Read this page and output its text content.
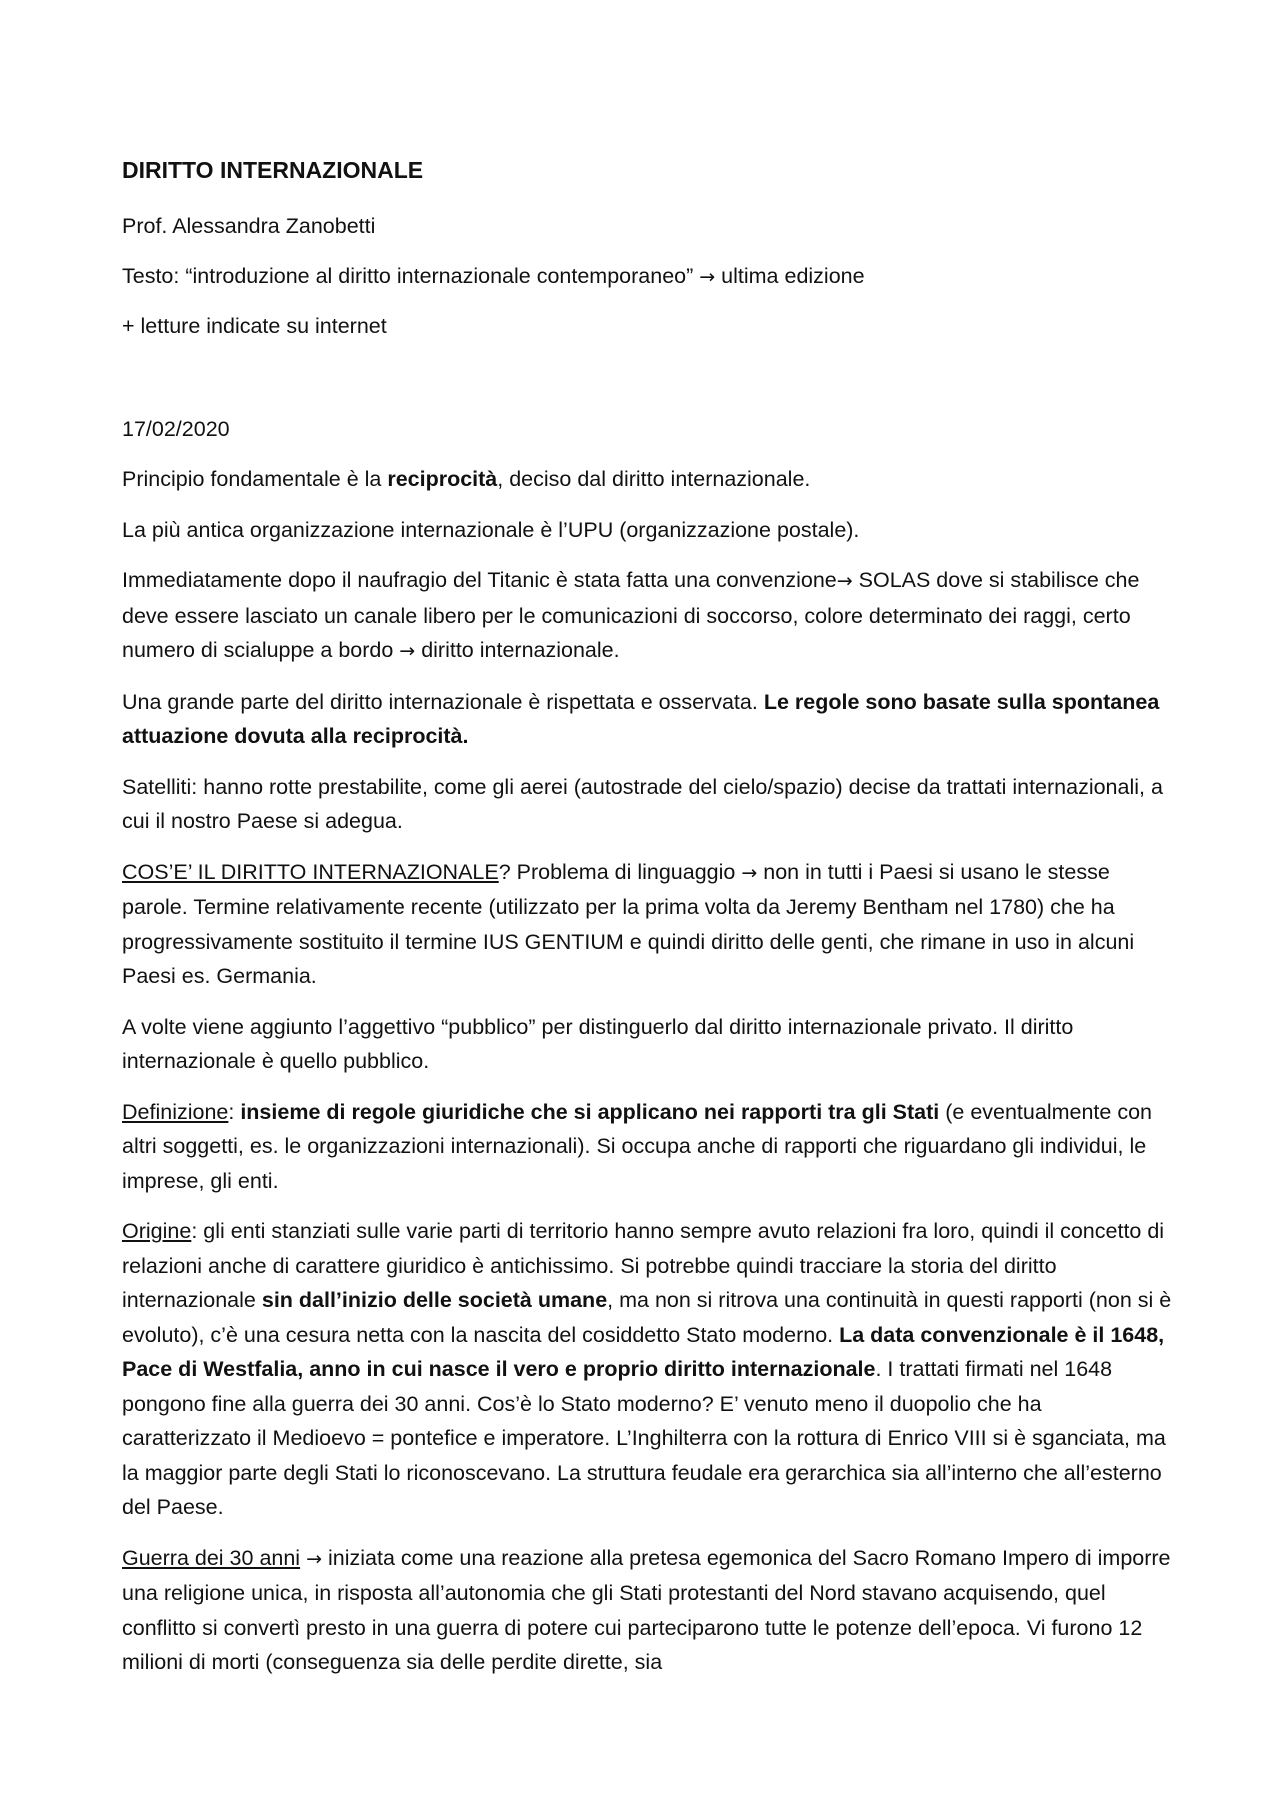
DIRITTO INTERNAZIONALE

Prof. Alessandra Zanobetti

Testo: “introduzione al diritto internazionale contemporaneo” → ultima edizione

+ letture indicate su internet

17/02/2020

Principio fondamentale è la reciprocità, deciso dal diritto internazionale.

La più antica organizzazione internazionale è l’UPU (organizzazione postale).

Immediatamente dopo il naufragio del Titanic è stata fatta una convenzione→ SOLAS dove si stabilisce che deve essere lasciato un canale libero per le comunicazioni di soccorso, colore determinato dei raggi, certo numero di scialuppe a bordo → diritto internazionale.

Una grande parte del diritto internazionale è rispettata e osservata. Le regole sono basate sulla spontanea attuazione dovuta alla reciprocità.

Satelliti: hanno rotte prestabilite, come gli aerei (autostrade del cielo/spazio) decise da trattati internazionali, a cui il nostro Paese si adegua.

COS’E’ IL DIRITTO INTERNAZIONALE? Problema di linguaggio → non in tutti i Paesi si usano le stesse parole. Termine relativamente recente (utilizzato per la prima volta da Jeremy Bentham nel 1780) che ha progressivamente sostituito il termine IUS GENTIUM e quindi diritto delle genti, che rimane in uso in alcuni Paesi es. Germania.

A volte viene aggiunto l’aggettivo “pubblico” per distinguerlo dal diritto internazionale privato. Il diritto internazionale è quello pubblico.

Definizione: insieme di regole giuridiche che si applicano nei rapporti tra gli Stati (e eventualmente con altri soggetti, es. le organizzazioni internazionali). Si occupa anche di rapporti che riguardano gli individui, le imprese, gli enti.

Origine: gli enti stanziati sulle varie parti di territorio hanno sempre avuto relazioni fra loro, quindi il concetto di relazioni anche di carattere giuridico è antichissimo. Si potrebbe quindi tracciare la storia del diritto internazionale sin dall’inizio delle società umane, ma non si ritrova una continuità in questi rapporti (non si è evoluto), c’è una cesura netta con la nascita del cosiddetto Stato moderno. La data convenzionale è il 1648, Pace di Westfalia, anno in cui nasce il vero e proprio diritto internazionale. I trattati firmati nel 1648 pongono fine alla guerra dei 30 anni. Cos’è lo Stato moderno? E’ venuto meno il duopolio che ha caratterizzato il Medioevo = pontefice e imperatore. L’Inghilterra con la rottura di Enrico VIII si è sganciata, ma la maggior parte degli Stati lo riconoscevano. La struttura feudale era gerarchica sia all’interno che all’esterno del Paese.

Guerra dei 30 anni → iniziata come una reazione alla pretesa egemonica del Sacro Romano Impero di imporre una religione unica, in risposta all’autonomia che gli Stati protestanti del Nord stavano acquisendo, quel conflitto si convertì presto in una guerra di potere cui parteciparono tutte le potenze dell’epoca. Vi furono 12 milioni di morti (conseguenza sia delle perdite dirette, sia
